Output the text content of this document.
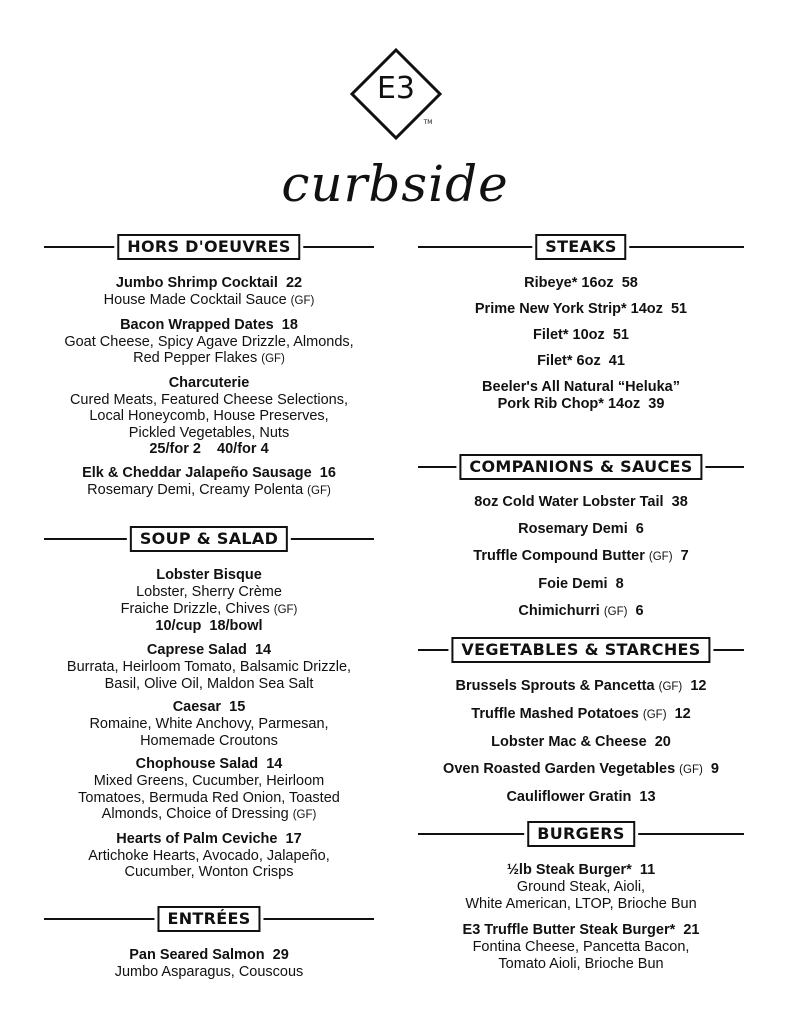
E3
TM
curbside
HORS D'OEUVRES
Jumbo Shrimp Cocktail 22
House Made Cocktail Sauce (GF)
Bacon Wrapped Dates 18
Goat Cheese, Spicy Agave Drizzle, Almonds,
Red Pepper Flakes (GF)
Charcuterie
Cured Meats, Featured Cheese Selections,
Local Honeycomb, House Preserves,
Pickled Vegetables, Nuts
25/for 2    40/for 4
Elk & Cheddar Jalapeño Sausage 16
Rosemary Demi, Creamy Polenta (GF)
SOUP & SALAD
Lobster Bisque
Lobster, Sherry Crème
Fraiche Drizzle, Chives (GF)
10/cup  18/bowl
Caprese Salad 14
Burrata, Heirloom Tomato, Balsamic Drizzle,
Basil, Olive Oil, Maldon Sea Salt
Caesar 15
Romaine, White Anchovy, Parmesan,
Homemade Croutons
Chophouse Salad 14
Mixed Greens, Cucumber, Heirloom
Tomatoes, Bermuda Red Onion, Toasted
Almonds, Choice of Dressing (GF)
Hearts of Palm Ceviche 17
Artichoke Hearts, Avocado, Jalapeño,
Cucumber, Wonton Crisps
ENTRÉES
Pan Seared Salmon 29
Jumbo Asparagus, Couscous
STEAKS
Ribeye* 16oz 58
Prime New York Strip* 14oz 51
Filet* 10oz 51
Filet* 6oz 41
Beeler's All Natural “Heluka”
Pork Rib Chop* 14oz 39
COMPANIONS & SAUCES
8oz Cold Water Lobster Tail 38
Rosemary Demi 6
Truffle Compound Butter (GF) 7
Foie Demi 8
Chimichurri (GF) 6
VEGETABLES & STARCHES
Brussels Sprouts & Pancetta (GF) 12
Truffle Mashed Potatoes (GF) 12
Lobster Mac & Cheese 20
Oven Roasted Garden Vegetables (GF) 9
Cauliflower Gratin 13
BURGERS
½lb Steak Burger* 11
Ground Steak, Aioli,
White American, LTOP, Brioche Bun
E3 Truffle Butter Steak Burger* 21
Fontina Cheese, Pancetta Bacon,
Tomato Aioli, Brioche Bun
